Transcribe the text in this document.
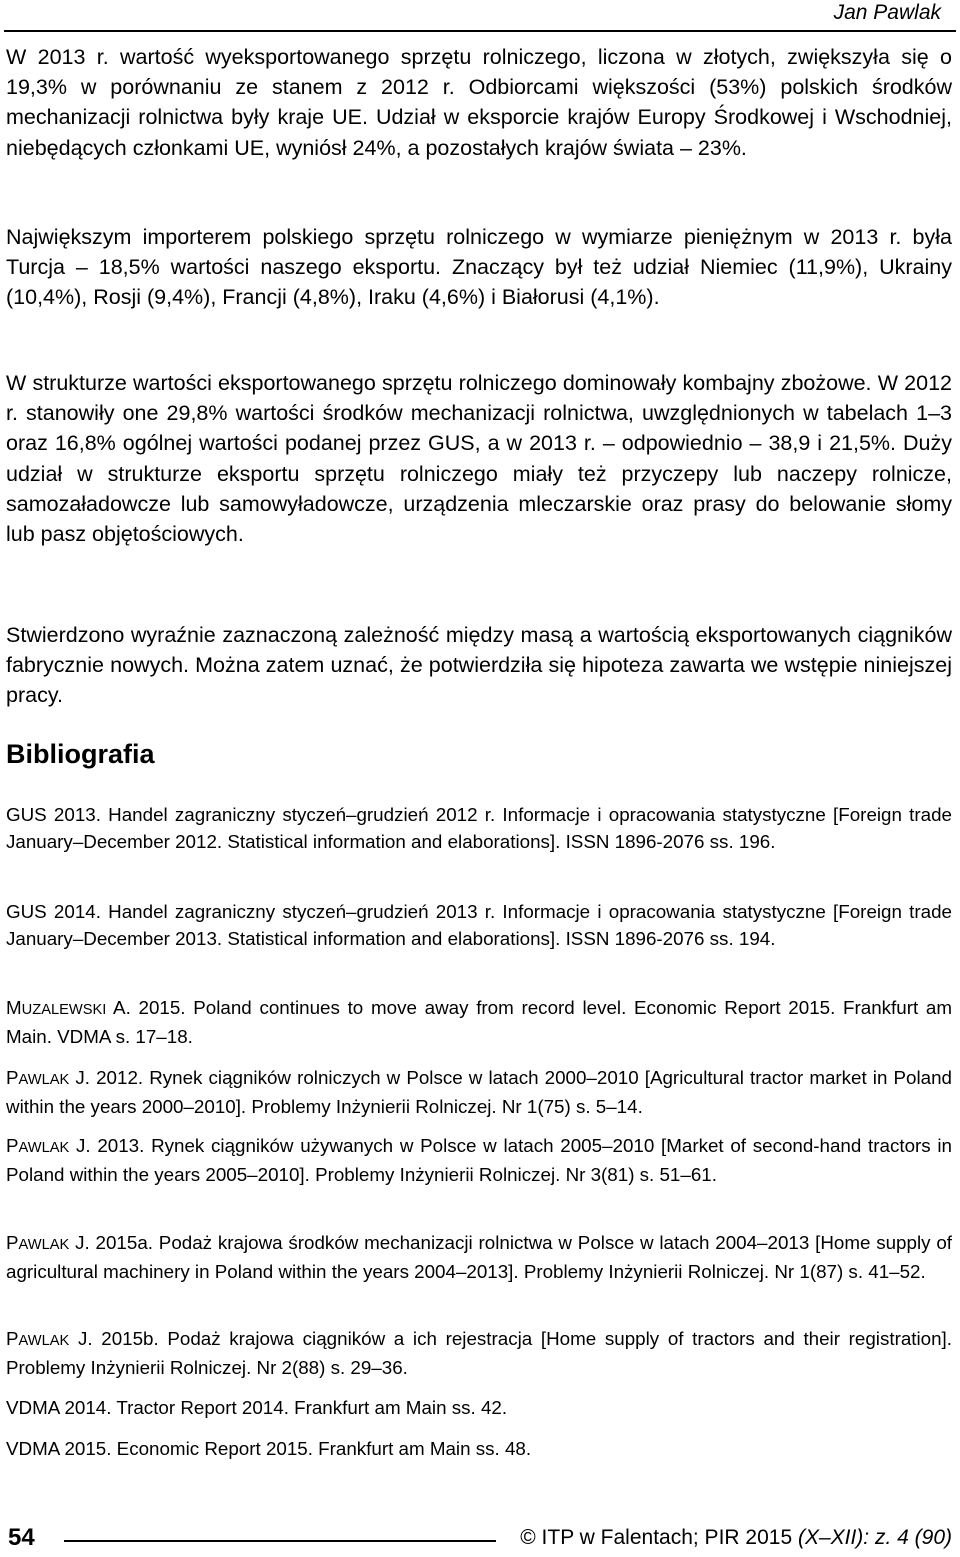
Jan Pawlak

W 2013 r. wartość wyeksportowanego sprzętu rolniczego, liczona w złotych, zwiększyła się o 19,3% w porównaniu ze stanem z 2012 r. Odbiorcami większości (53%) polskich środków mechanizacji rolnictwa były kraje UE. Udział w eksporcie krajów Europy Środkowej i Wschodniej, niebędących członkami UE, wyniósł 24%, a pozostałych krajów świata – 23%.

Największym importerem polskiego sprzętu rolniczego w wymiarze pieniężnym w 2013 r. była Turcja – 18,5% wartości naszego eksportu. Znaczący był też udział Niemiec (11,9%), Ukrainy (10,4%), Rosji (9,4%), Francji (4,8%), Iraku (4,6%) i Białorusi (4,1%).

W strukturze wartości eksportowanego sprzętu rolniczego dominowały kombajny zbożowe. W 2012 r. stanowiły one 29,8% wartości środków mechanizacji rolnictwa, uwzględnionych w tabelach 1–3 oraz 16,8% ogólnej wartości podanej przez GUS, a w 2013 r. – odpowiednio – 38,9 i 21,5%. Duży udział w strukturze eksportu sprzętu rolniczego miały też przyczepy lub naczepy rolnicze, samozaładowcze lub samowyładowcze, urządzenia mleczarskie oraz prasy do belowanie słomy lub pasz objętościowych.

Stwierdzono wyraźnie zaznaczoną zależność między masą a wartością eksportowanych ciągników fabrycznie nowych. Można zatem uznać, że potwierdziła się hipoteza zawarta we wstępie niniejszej pracy.

Bibliografia

GUS 2013. Handel zagraniczny styczeń–grudzień 2012 r. Informacje i opracowania statystyczne [Foreign trade January–December 2012. Statistical information and elaborations]. ISSN 1896-2076 ss. 196.

GUS 2014. Handel zagraniczny styczeń–grudzień 2013 r. Informacje i opracowania statystyczne [Foreign trade January–December 2013. Statistical information and elaborations]. ISSN 1896-2076 ss. 194.

MUZALEWSKI A. 2015. Poland continues to move away from record level. Economic Report 2015. Frankfurt am Main. VDMA s. 17–18.

PAWLAK J. 2012. Rynek ciągników rolniczych w Polsce w latach 2000–2010 [Agricultural tractor market in Poland within the years 2000–2010]. Problemy Inżynierii Rolniczej. Nr 1(75) s. 5–14.

PAWLAK J. 2013. Rynek ciągników używanych w Polsce w latach 2005–2010 [Market of second-hand tractors in Poland within the years 2005–2010]. Problemy Inżynierii Rolniczej. Nr 3(81) s. 51–61.

PAWLAK J. 2015a. Podaż krajowa środków mechanizacji rolnictwa w Polsce w latach 2004–2013 [Home supply of agricultural machinery in Poland within the years 2004–2013]. Problemy Inżynierii Rolniczej. Nr 1(87) s. 41–52.

PAWLAK J. 2015b. Podaż krajowa ciągników a ich rejestracja [Home supply of tractors and their registration]. Problemy Inżynierii Rolniczej. Nr 2(88) s. 29–36.

VDMA 2014. Tractor Report 2014. Frankfurt am Main ss. 42.

VDMA 2015. Economic Report 2015. Frankfurt am Main ss. 48.

54	© ITP w Falentach; PIR 2015 (X–XII): z. 4 (90)
